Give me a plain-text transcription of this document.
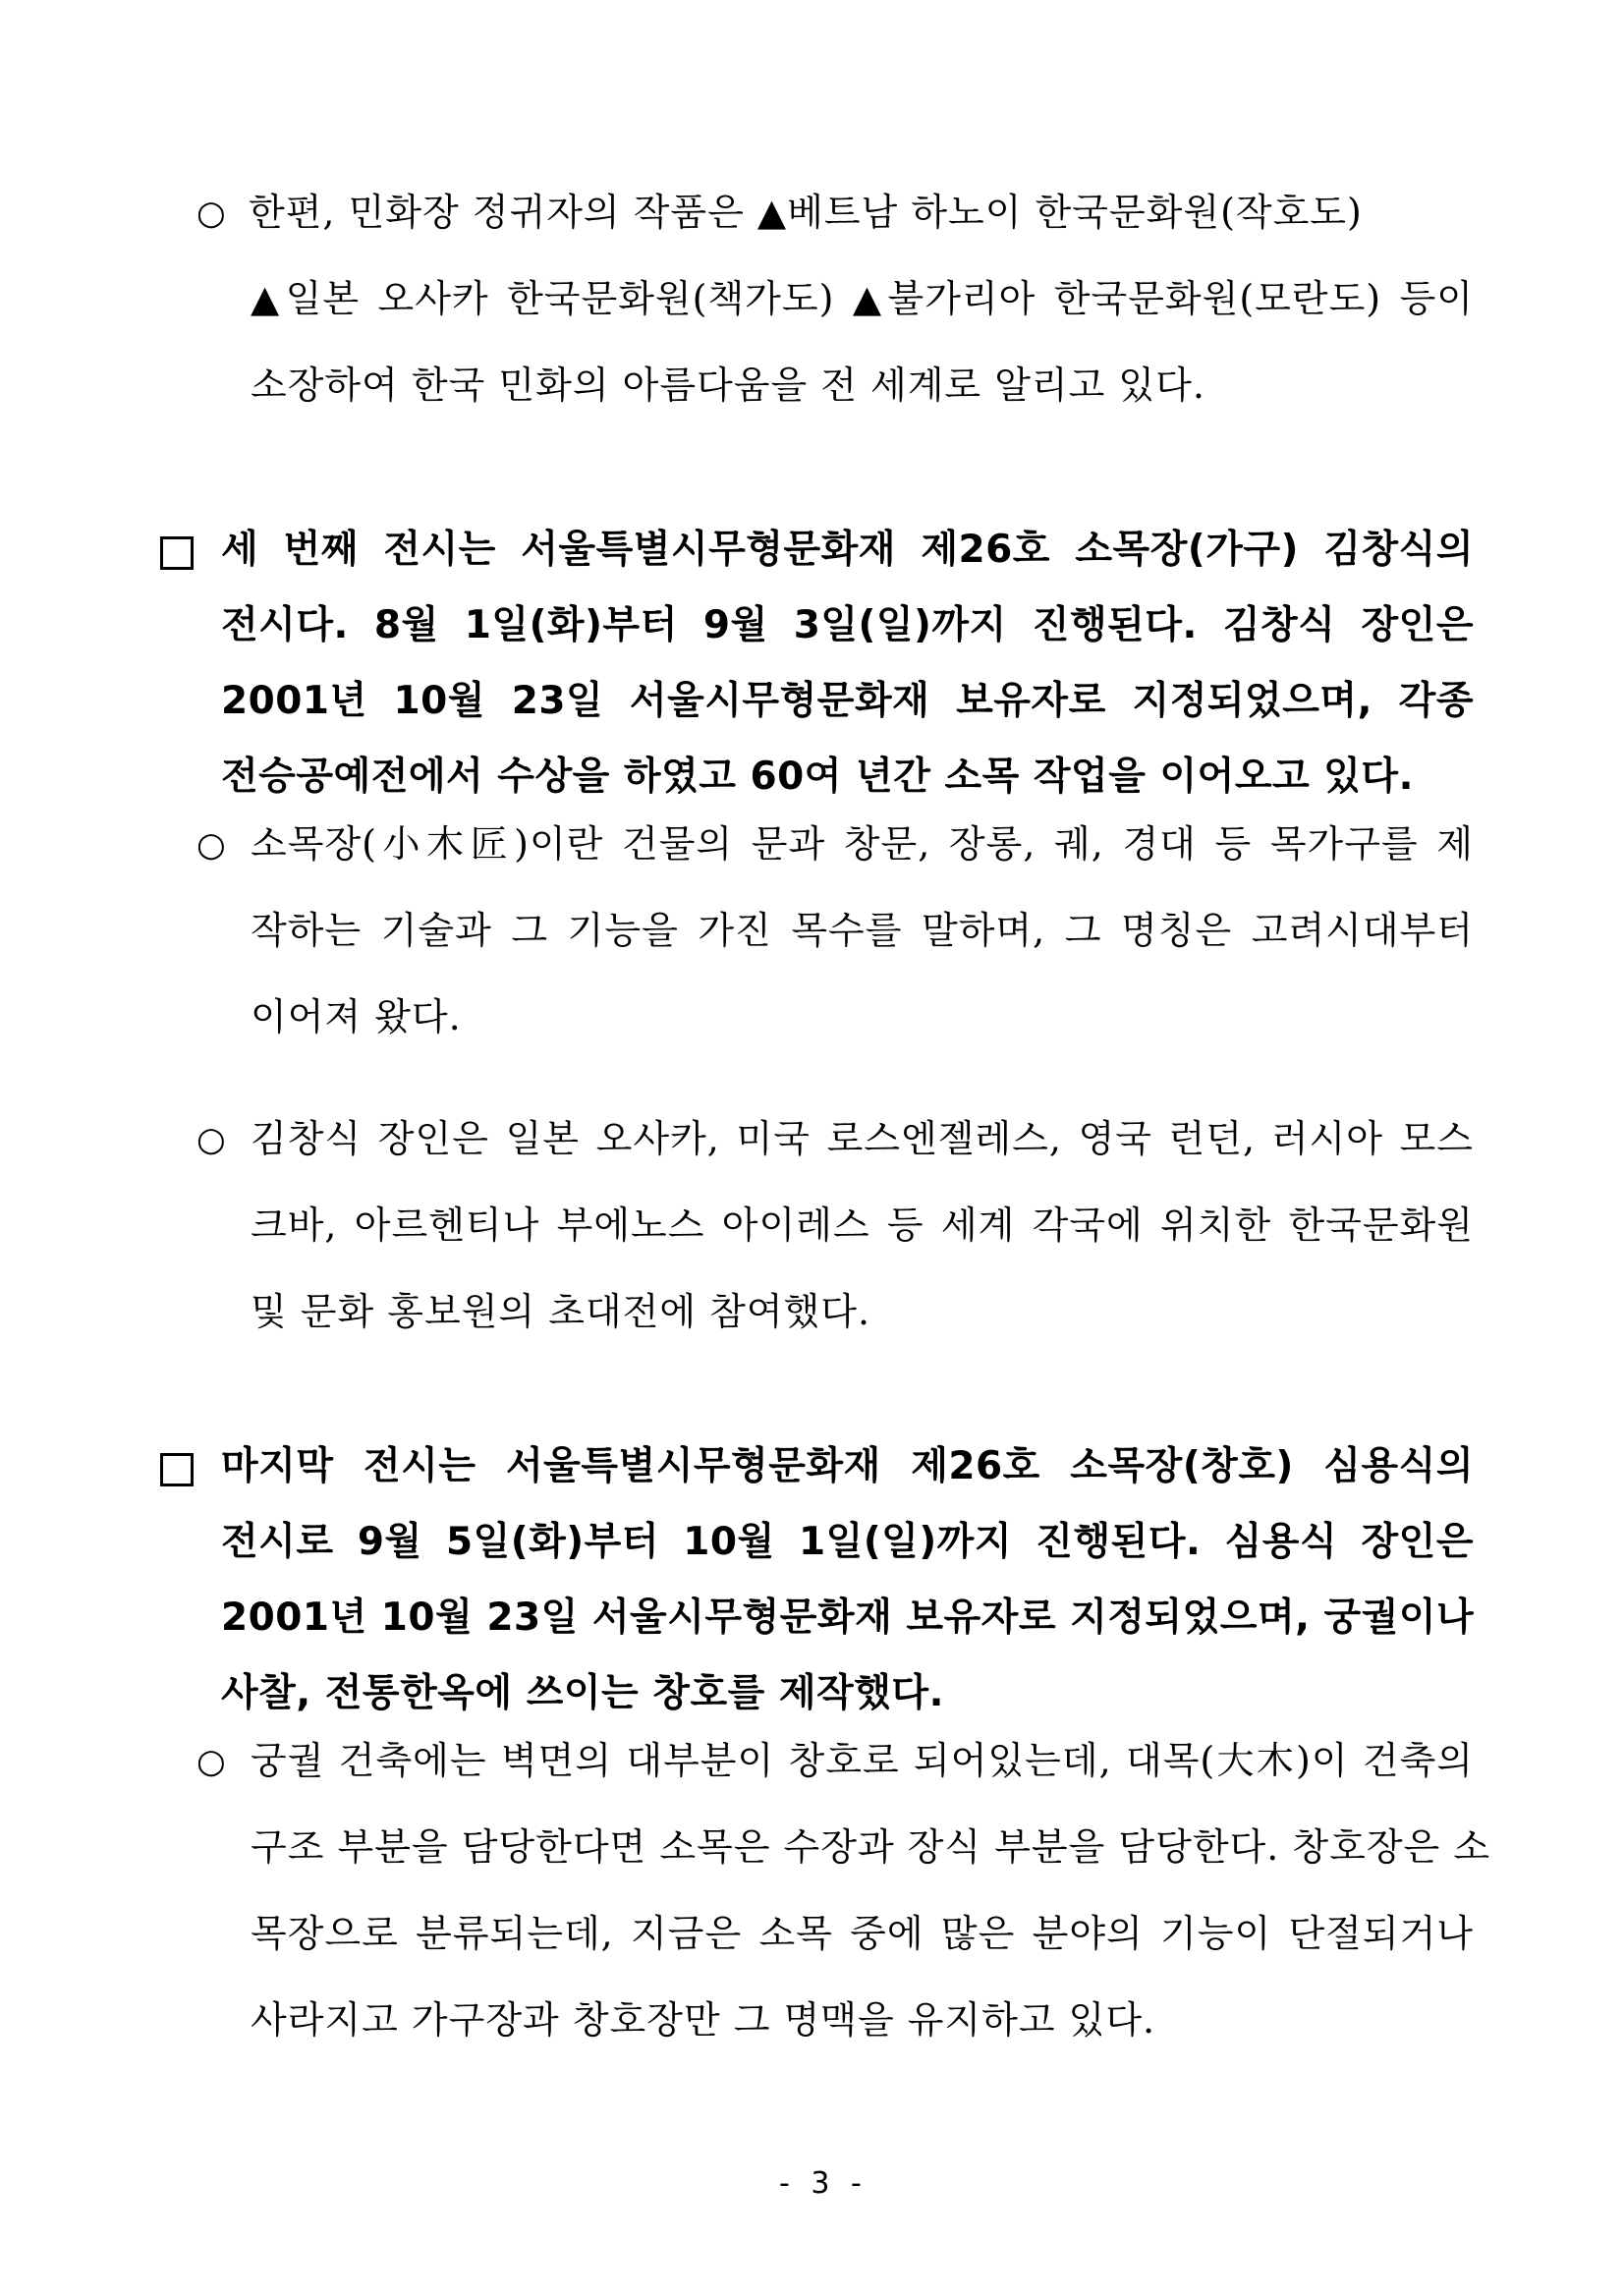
○ 한편, 민화장 정귀자의 작품은 ▲베트남 하노이 한국문화원(작호도)
▲일본 오사카 한국문화원(책가도) ▲불가리아 한국문화원(모란도) 등이
소장하여 한국 민화의 아름다움을 전 세계로 알리고 있다.
세 번째 전시는 서울특별시무형문화재 제26호 소목장(가구) 김창식의
전시다. 8월 1일(화)부터 9월 3일(일)까지 진행된다. 김창식 장인은
2001년 10월 23일 서울시무형문화재 보유자로 지정되었으며, 각종
전승공예전에서 수상을 하였고 60여 년간 소목 작업을 이어오고 있다.
○ 소목장(小木匠)이란 건물의 문과 창문, 장롱, 궤, 경대 등 목가구를 제
작하는 기술과 그 기능을 가진 목수를 말하며, 그 명칭은 고려시대부터
이어져 왔다.
○ 김창식 장인은 일본 오사카, 미국 로스엔젤레스, 영국 런던, 러시아 모스
크바, 아르헨티나 부에노스 아이레스 등 세계 각국에 위치한 한국문화원
및 문화 홍보원의 초대전에 참여했다.
마지막 전시는 서울특별시무형문화재 제26호 소목장(창호) 심용식의
전시로 9월 5일(화)부터 10월 1일(일)까지 진행된다. 심용식 장인은
2001년 10월 23일 서울시무형문화재 보유자로 지정되었으며, 궁궐이나
사찰, 전통한옥에 쓰이는 창호를 제작했다.
○ 궁궐 건축에는 벽면의 대부분이 창호로 되어있는데, 대목(大木)이 건축의
구조 부분을 담당한다면 소목은 수장과 장식 부분을 담당한다. 창호장은 소
목장으로 분류되는데, 지금은 소목 중에 많은 분야의 기능이 단절되거나
사라지고 가구장과 창호장만 그 명맥을 유지하고 있다.
- 3 -
